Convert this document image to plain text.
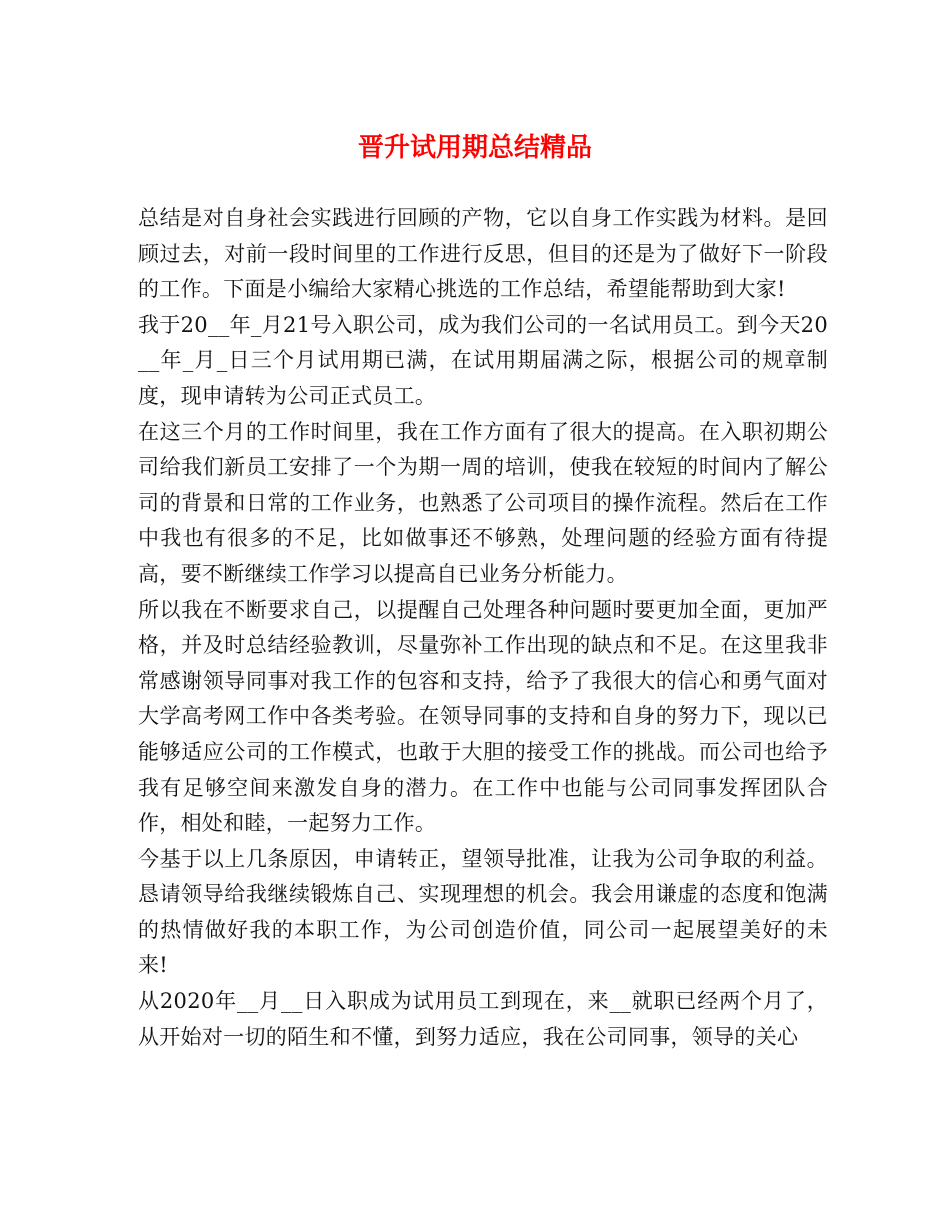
晋升试用期总结精品

总结是对自身社会实践进行回顾的产物，它以自身工作实践为材料。是回顾过去，对前一段时间里的工作进行反思，但目的还是为了做好下一阶段的工作。下面是小编给大家精心挑选的工作总结，希望能帮助到大家!

我于20__年_月21号入职公司，成为我们公司的一名试用员工。到今天20__年_月_日三个月试用期已满，在试用期届满之际，根据公司的规章制度，现申请转为公司正式员工。

在这三个月的工作时间里，我在工作方面有了很大的提高。在入职初期公司给我们新员工安排了一个为期一周的培训，使我在较短的时间内了解公司的背景和日常的工作业务，也熟悉了公司项目的操作流程。然后在工作中我也有很多的不足，比如做事还不够熟，处理问题的经验方面有待提高，要不断继续工作学习以提高自已业务分析能力。

所以我在不断要求自己，以提醒自己处理各种问题时要更加全面，更加严格，并及时总结经验教训，尽量弥补工作出现的缺点和不足。在这里我非常感谢领导同事对我工作的包容和支持，给予了我很大的信心和勇气面对大学高考网工作中各类考验。在领导同事的支持和自身的努力下，现以已能够适应公司的工作模式，也敢于大胆的接受工作的挑战。而公司也给予我有足够空间来激发自身的潜力。在工作中也能与公司同事发挥团队合作，相处和睦，一起努力工作。

今基于以上几条原因，申请转正，望领导批准，让我为公司争取的利益。恳请领导给我继续锻炼自己、实现理想的机会。我会用谦虚的态度和饱满的热情做好我的本职工作，为公司创造价值，同公司一起展望美好的未来!

从2020年__月__日入职成为试用员工到现在，来__就职已经两个月了，从开始对一切的陌生和不懂，到努力适应，我在公司同事，领导的关心
